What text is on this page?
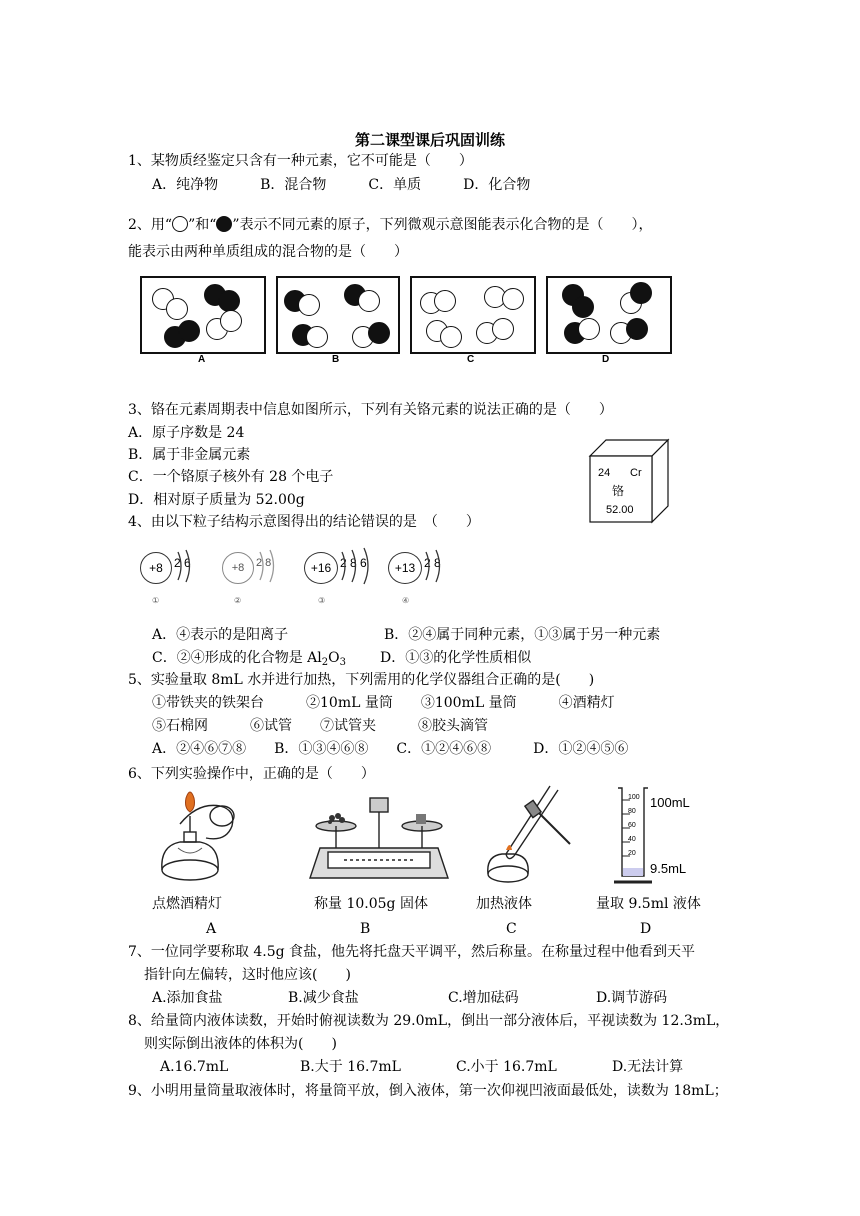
第二课型课后巩固训练
1、某物质经鉴定只含有一种元素，它不可能是（　　）
A．纯净物　　　B．混合物　　　C．单质　　　D．化合物
2、用“ ”和“ ”表示不同元素的原子，下列微观示意图能表示化合物的是（　　），
能表示由两种单质组成的混合物的是（　　）
A	B	C	D
3、铬在元素周期表中信息如图所示，下列有关铬元素的说法正确的是（　　）
A．原子序数是 24
B．属于非金属元素
C．一个铬原子核外有 28 个电子
D．相对原子质量为 52.00g
24 Cr
铬
52.00
4、由以下粒子结构示意图得出的结论错误的是　（　　）
+8 2 6
①
+8	2 8
②
+16 2 8 6
③
+13 2 8
④
A．④表示的是阳离子	B．②④属于同种元素，①③属于另一种元素
C．②④形成的化合物是 $Al_2O_3$ D．①③的化学性质相似
5、实验量取 8mL 水并进行加热，下列需用的化学仪器组合正确的是(　　)
①带铁夹的铁架台　　　②10mL 量筒　　③100mL 量筒　　　④酒精灯
⑤石棉网　　　⑥试管　　⑦试管夹　　　⑧胶头滴管
A．②④⑥⑦⑧　　B．①③④⑥⑧　　C．①②④⑥⑧　　　D．①②④⑤⑥
6、下列实验操作中，正确的是（　　）
100
80
60
40
20
100mL
9.5mL
点燃酒精灯	称量 10.05g 固体	加热液体	量取 9.5ml 液体
A	B	C	D
7、一位同学要称取 4.5g 食盐，他先将托盘天平调平，然后称量。在称量过程中他看到天平
指针向左偏转，这时他应该(　　)
A.添加食盐	B.减少食盐	C.增加砝码	D.调节游码
8、给量筒内液体读数，开始时俯视读数为 29.0mL，倒出一部分液体后，平视读数为 12.3mL，
则实际倒出液体的体积为(　　)
A.16.7mL	B.大于 16.7mL	C.小于 16.7mL	D.无法计算
9、小明用量筒量取液体时，将量筒平放，倒入液体，第一次仰视凹液面最低处，读数为 18mL；
